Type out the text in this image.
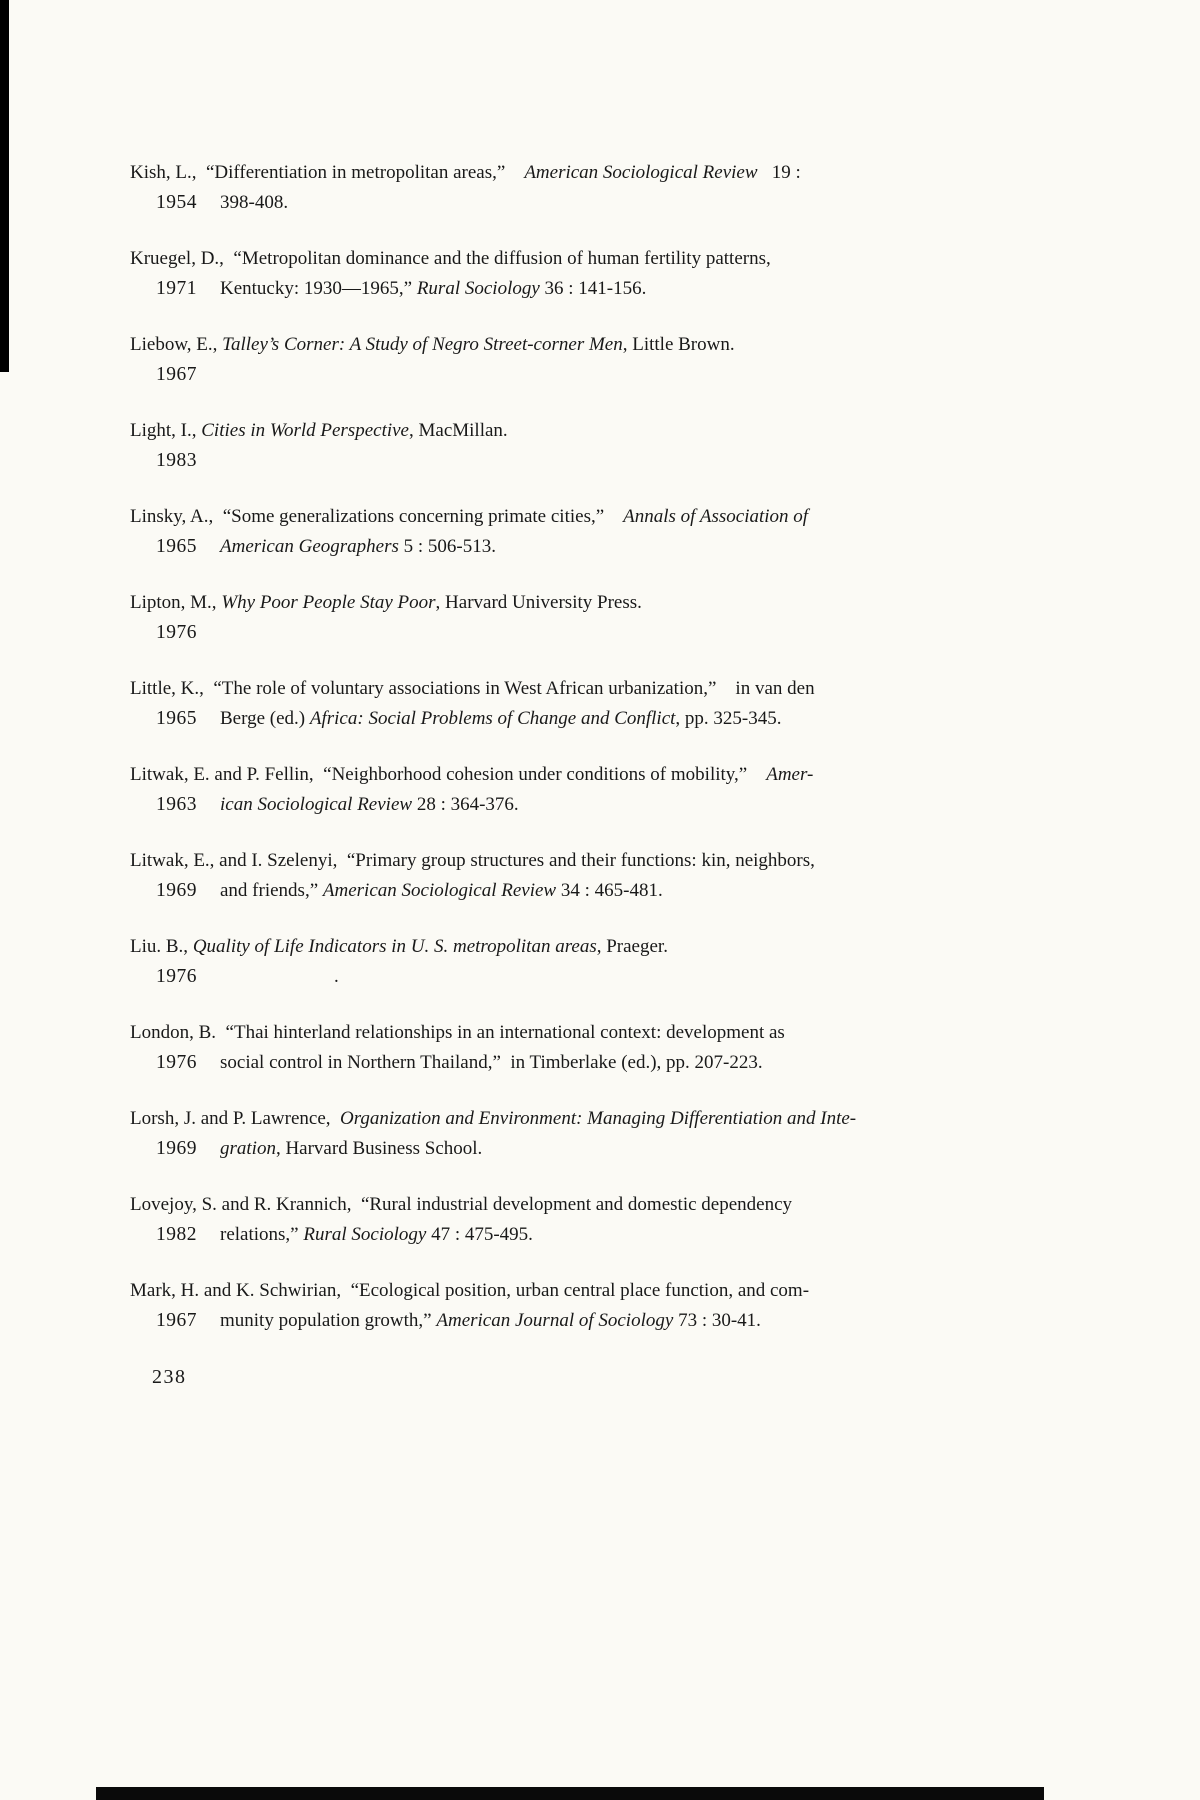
Kish, L.,  “Differentiation in metropolitan areas,”    American Sociological Review   19 :
1954 398-408.
Kruegel, D.,  “Metropolitan dominance and the diffusion of human fertility patterns,
1971 Kentucky: 1930—1965,” Rural Sociology 36 : 141-156.
Liebow, E., Talley’s Corner: A Study of Negro Street-corner Men, Little Brown.
1967
Light, I., Cities in World Perspective, MacMillan.
1983
Linsky, A.,  “Some generalizations concerning primate cities,”    Annals of Association of
1965 American Geographers 5 : 506-513.
Lipton, M., Why Poor People Stay Poor, Harvard University Press.
1976
Little, K.,  “The role of voluntary associations in West African urbanization,”    in van den
1965 Berge (ed.) Africa: Social Problems of Change and Conflict, pp. 325-345.
Litwak, E. and P. Fellin,  “Neighborhood cohesion under conditions of mobility,”    Amer-
1963 ican Sociological Review 28 : 364-376.
Litwak, E., and I. Szelenyi,  “Primary group structures and their functions: kin, neighbors,
1969 and friends,” American Sociological Review 34 : 465-481.
Liu. B., Quality of Life Indicators in U. S. metropolitan areas, Praeger.
1976                        .
London, B.  “Thai hinterland relationships in an international context: development as
1976 social control in Northern Thailand,”  in Timberlake (ed.), pp. 207-223.
Lorsh, J. and P. Lawrence,  Organization and Environment: Managing Differentiation and Inte-
1969 gration, Harvard Business School.
Lovejoy, S. and R. Krannich,  “Rural industrial development and domestic dependency
1982 relations,” Rural Sociology 47 : 475-495.
Mark, H. and K. Schwirian,  “Ecological position, urban central place function, and com-
1967 munity population growth,” American Journal of Sociology 73 : 30-41.
238
